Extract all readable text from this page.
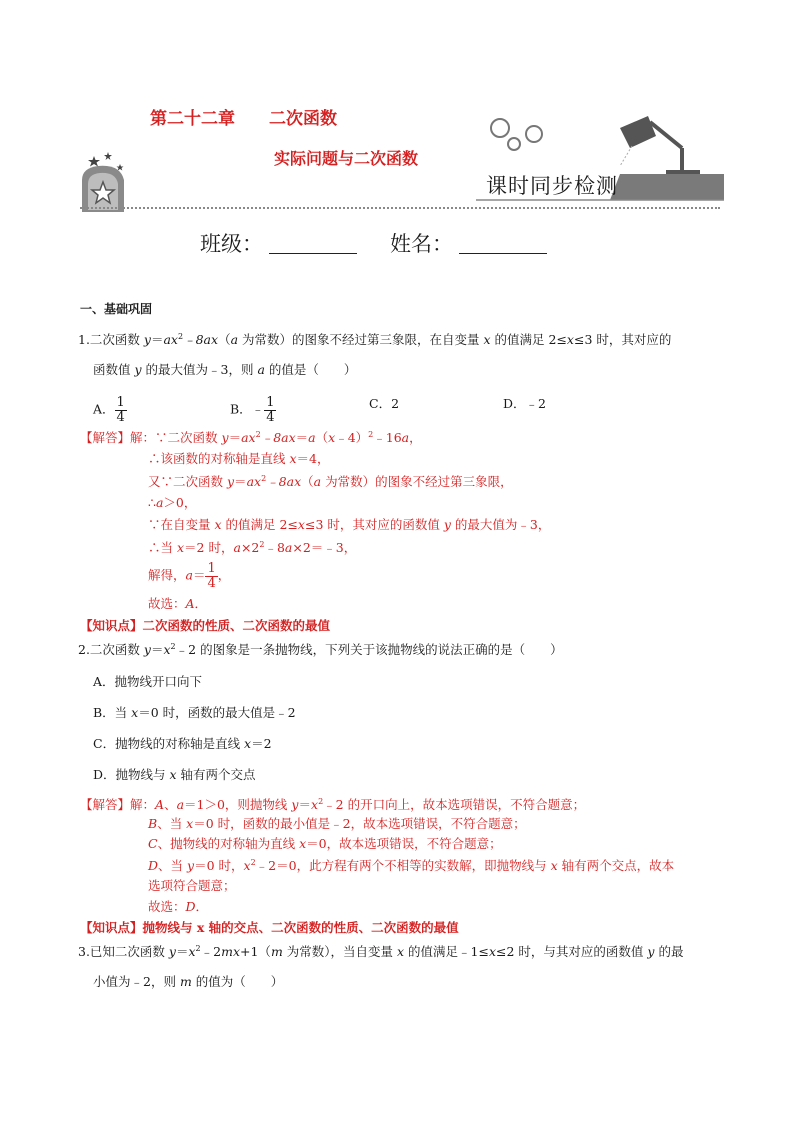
第二十二章　　二次函数
实际问题与二次函数
课时同步检测
班级：	姓名：
一、基础巩固
1.二次函数 $y=ax^2﹣8ax(a$ 为常数）的图象不经过第三象限，在自变量 x 的值满足 2≤x≤3 时，其对应的
函数值 y 的最大值为﹣3，则 a 的值是（　　）
A． $\frac{1}{4}$	B．﹣ $\frac{1}{4}$	C．2	D．﹣2
【解答】解：∵二次函数 $y=ax^2﹣8ax=a(x﹣4)^2﹣16a$，
∴该函数的对称轴是直线 x＝4，
又∵二次函数 $y=ax^2﹣8ax(a$ 为常数）的图象不经过第三象限，
∴a＞0，
∵在自变量 x 的值满足 2≤x≤3 时，其对应的函数值 y 的最大值为﹣3，
∴当 x＝2 时，$a\times 2^2﹣8a\times 2=﹣3$，
解得，$a= \frac{1}{4}$ ，
故选：A．
【知识点】二次函数的性质、二次函数的最值
2.二次函数 $y=x^2﹣2$ 的图象是一条抛物线，下列关于该抛物线的说法正确的是（　　）
A．抛物线开口向下
B．当 x＝0 时，函数的最大值是﹣2
C．抛物线的对称轴是直线 x＝2
D．抛物线与 x 轴有两个交点
【解答】解：A、a＝1＞0，则抛物线 $y=x^2﹣2$ 的开口向上，故本选项错误，不符合题意；
B、当 x＝0 时，函数的最小值是﹣2，故本选项错误，不符合题意；
C、抛物线的对称轴为直线 x＝0，故本选项错误，不符合题意；
D、当 y＝0 时，$x^2﹣2=0$，此方程有两个不相等的实数解，即抛物线与 x 轴有两个交点，故本
选项符合题意；
故选：D．
【知识点】抛物线与 x 轴的交点、二次函数的性质、二次函数的最值
3.已知二次函数 $y=x^2﹣2mx+1(m$ 为常数），当自变量 x 的值满足﹣1≤x≤2 时，与其对应的函数值 y 的最
小值为﹣2，则 m 的值为（　　）
